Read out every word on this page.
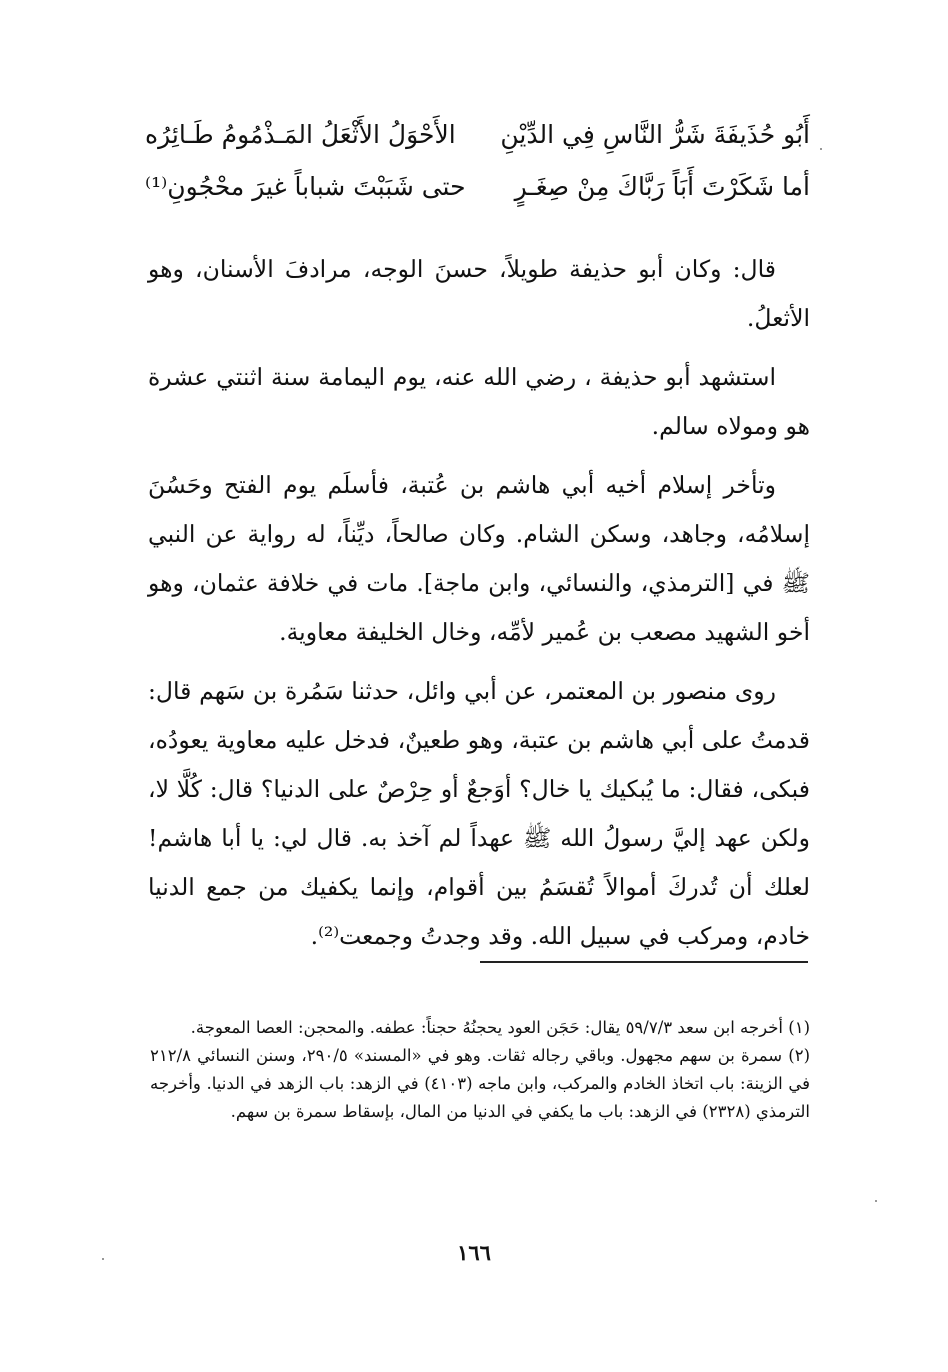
أَبُو حُذَيفَةَ شَرُّ النَّاسِ فِي الدِّيْنِ
الأَحْوَلُ الأَثْعَلُ المَـذْمُومُ طَـائِرُه
أما شَكَرْتَ أَبَاً رَبَّاكَ مِنْ صِغَـرٍ
حتى شَبَبْتَ شباباً غيرَ محْجُونِ⁽¹⁾

قال: وكان أبو حذيفة طويلاً، حسنَ الوجه، مرادفَ الأسنان، وهو الأثعلُ.

استشهد أبو حذيفة ، رضي الله عنه، يوم اليمامة سنة اثنتي عشرة هو ومولاه سالم.

وتأخر إسلام أخيه أبي هاشم بن عُتبة، فأسلَم يوم الفتح وحَسُنَ إسلامُه، وجاهد، وسكن الشام. وكان صالحاً، ديِّناً، له رواية عن النبي ﷺ في [الترمذي، والنسائي، وابن ماجة]. مات في خلافة عثمان، وهو أخو الشهيد مصعب بن عُمير لأمِّه، وخال الخليفة معاوية.

روى منصور بن المعتمر، عن أبي وائل، حدثنا سَمُرة بن سَهم قال: قدمتُ على أبي هاشم بن عتبة، وهو طعينٌ، فدخل عليه معاوية يعودُه، فبكى، فقال: ما يُبكيك يا خال؟ أوَجعٌ أو حِرْصٌ على الدنيا؟ قال: كُلَّا لا، ولكن عهد إليَّ رسولُ الله ﷺ عهداً لم آخذ به. قال لي: يا أبا هاشم! لعلك أن تُدركَ أموالاً تُقسَمُ بين أقوام، وإنما يكفيك من جمع الدنيا خادم، ومركب في سبيل الله. وقد وجدتُ وجمعت⁽²⁾.

(١) أخرجه ابن سعد ٥٩/٧/٣ يقال: حَجَن العود يحجنُهُ حجناً: عطفه. والمحجن: العصا المعوجة.

(٢) سمرة بن سهم مجهول. وباقي رجاله ثقات. وهو في «المسند» ٢٩٠/٥، وسنن النسائي ٢١٢/٨ في الزينة: باب اتخاذ الخادم والمركب، وابن ماجه (٤١٠٣) في الزهد: باب الزهد في الدنيا. وأخرجه الترمذي (٢٣٢٨) في الزهد: باب ما يكفي في الدنيا من المال، بإسقاط سمرة بن سهم.

١٦٦
